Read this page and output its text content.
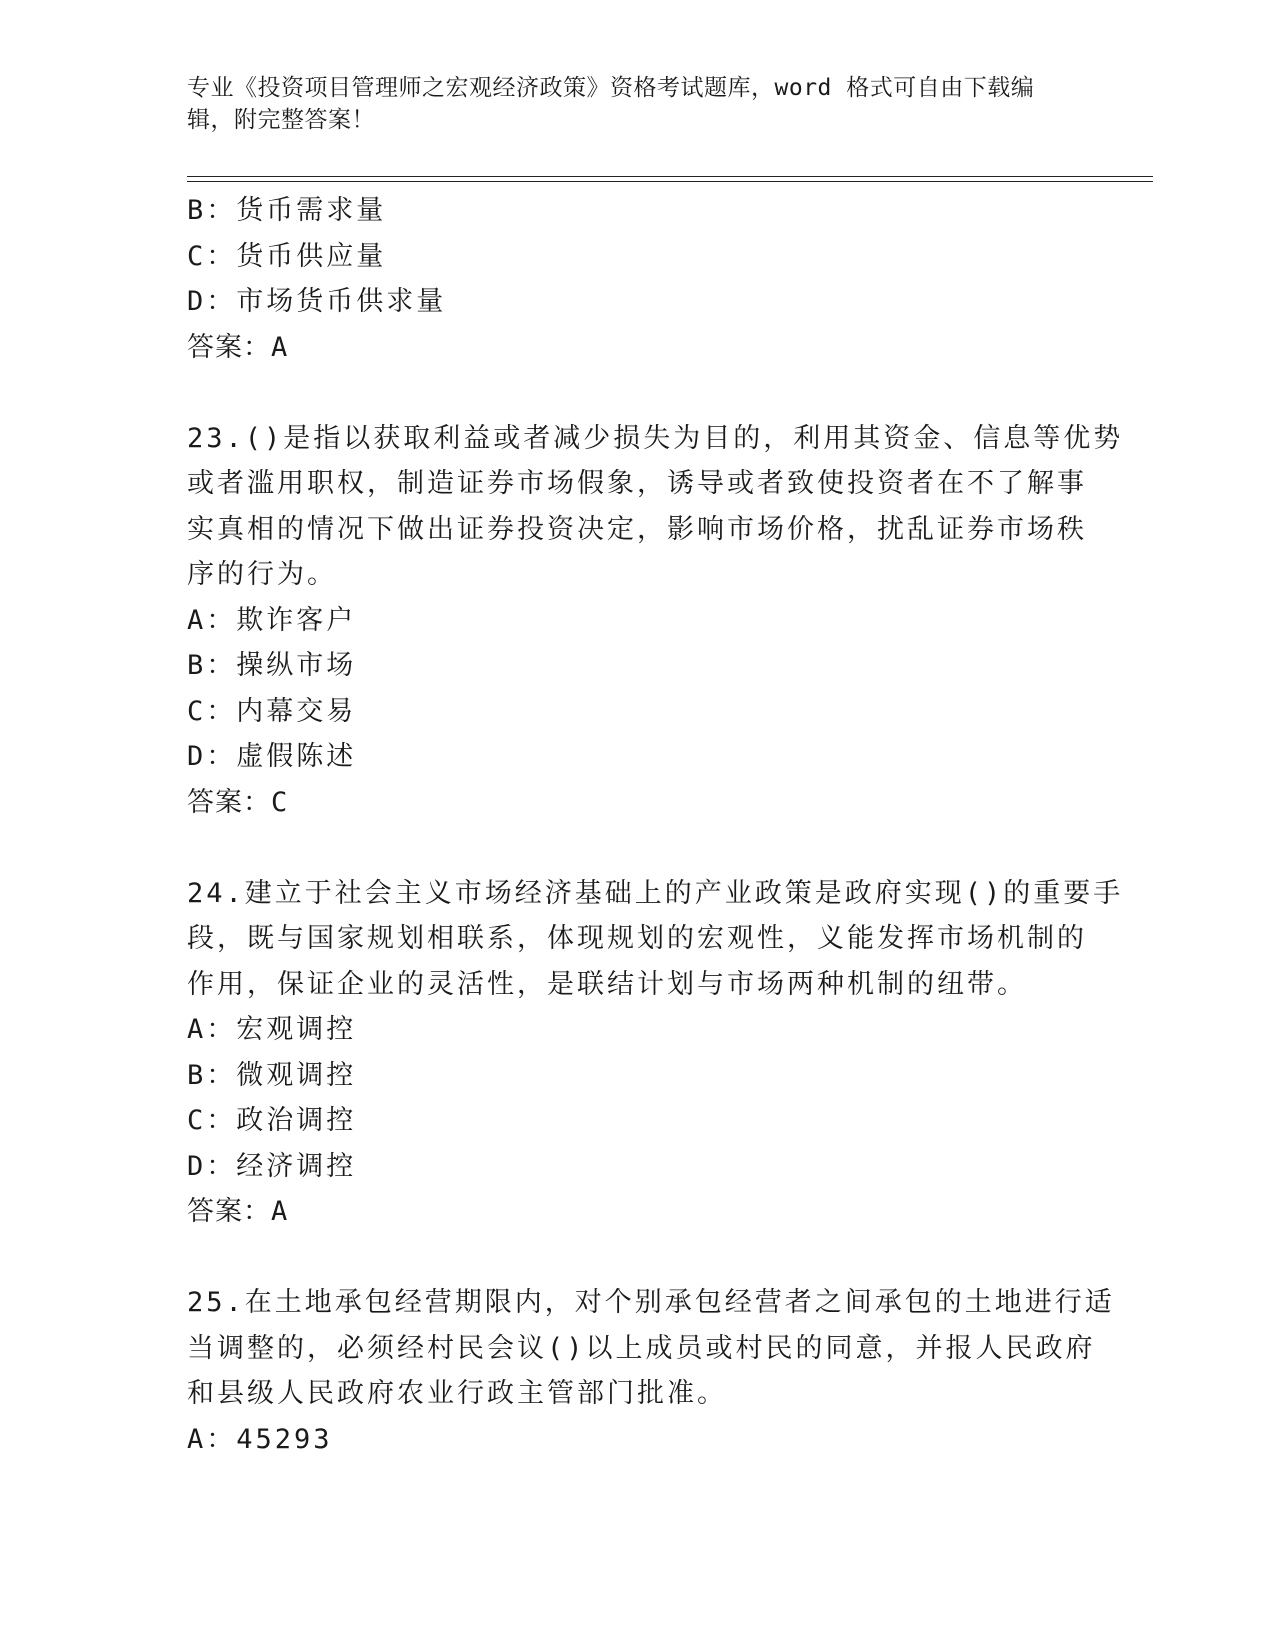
专业《投资项目管理师之宏观经济政策》资格考试题库，word 格式可自由下载编
辑，附完整答案！
B：货币需求量
C：货币供应量
D：市场货币供求量
答案：A
23.()是指以获取利益或者减少损失为目的，利用其资金、信息等优势
或者滥用职权，制造证券市场假象，诱导或者致使投资者在不了解事
实真相的情况下做出证券投资决定，影响市场价格，扰乱证券市场秩
序的行为。
A：欺诈客户
B：操纵市场
C：内幕交易
D：虚假陈述
答案：C
24.建立于社会主义市场经济基础上的产业政策是政府实现()的重要手
段，既与国家规划相联系，体现规划的宏观性，义能发挥市场机制的
作用，保证企业的灵活性，是联结计划与市场两种机制的纽带。
A：宏观调控
B：微观调控
C：政治调控
D：经济调控
答案：A
25.在土地承包经营期限内，对个别承包经营者之间承包的土地进行适
当调整的，必须经村民会议()以上成员或村民的同意，并报人民政府
和县级人民政府农业行政主管部门批准。
A：45293
